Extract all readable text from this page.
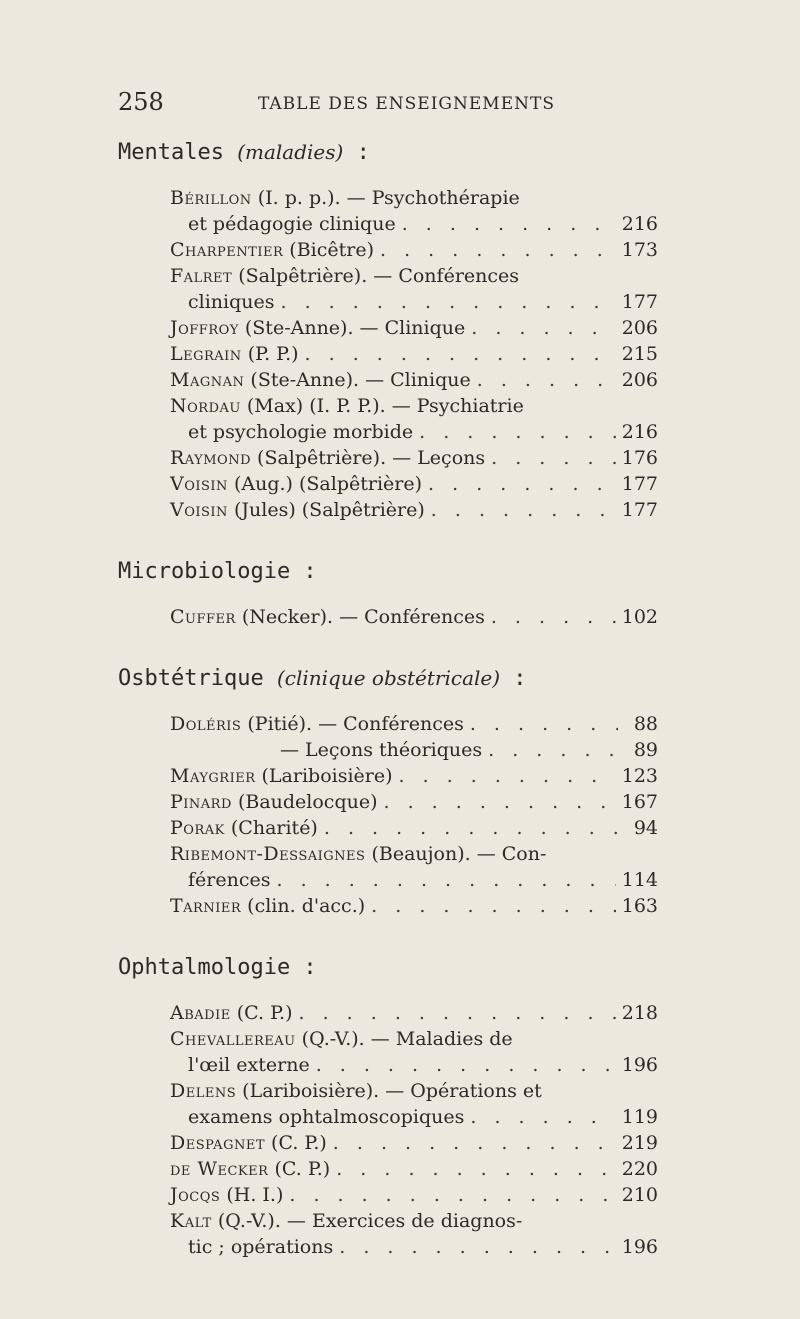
258	TABLE DES ENSEIGNEMENTS
Mentales (maladies) :
Bérillon (I. p. p.). — Psychothérapie
et pédagogie clinique . . .	216
Charpentier (Bicêtre) . . .	173
Falret (Salpêtrière). — Conférences
cliniques . . .	177
Joffroy (Ste-Anne). — Clinique . . .	206
Legrain (P. P.) . . .	215
Magnan (Ste-Anne). — Clinique . . .	206
Nordau (Max) (I. P. P.). — Psychiatrie
et psychologie morbide . . .	216
Raymond (Salpêtrière). — Leçons . . .	176
Voisin (Aug.) (Salpêtrière) . . .	177
Voisin (Jules) (Salpêtrière) . . .	177
Microbiologie :
Cuffer (Necker). — Conférences . . .	102
Osbtétrique (clinique obstétricale) :
Doléris (Pitié). — Conférences . . .	88
— Leçons théoriques . . .	89
Maygrier (Lariboisière) . . .	123
Pinard (Baudelocque) . . .	167
Porak (Charité) . . .	94
Ribemont-Dessaignes (Beaujon). — Con-
férences . . .	114
Tarnier (clin. d'acc.) . . .	163
Ophtalmologie :
Abadie (C. P.) . . .	218
Chevallereau (Q.-V.). — Maladies de
l'œil externe . . .	196
Delens (Lariboisière). — Opérations et
examens ophtalmoscopiques . . .	119
Despagnet (C. P.) . . .	219
de Wecker (C. P.) . . .	220
Jocqs (H. I.) . . .	210
Kalt (Q.-V.). — Exercices de diagnos-
tic ; opérations . . .	196
